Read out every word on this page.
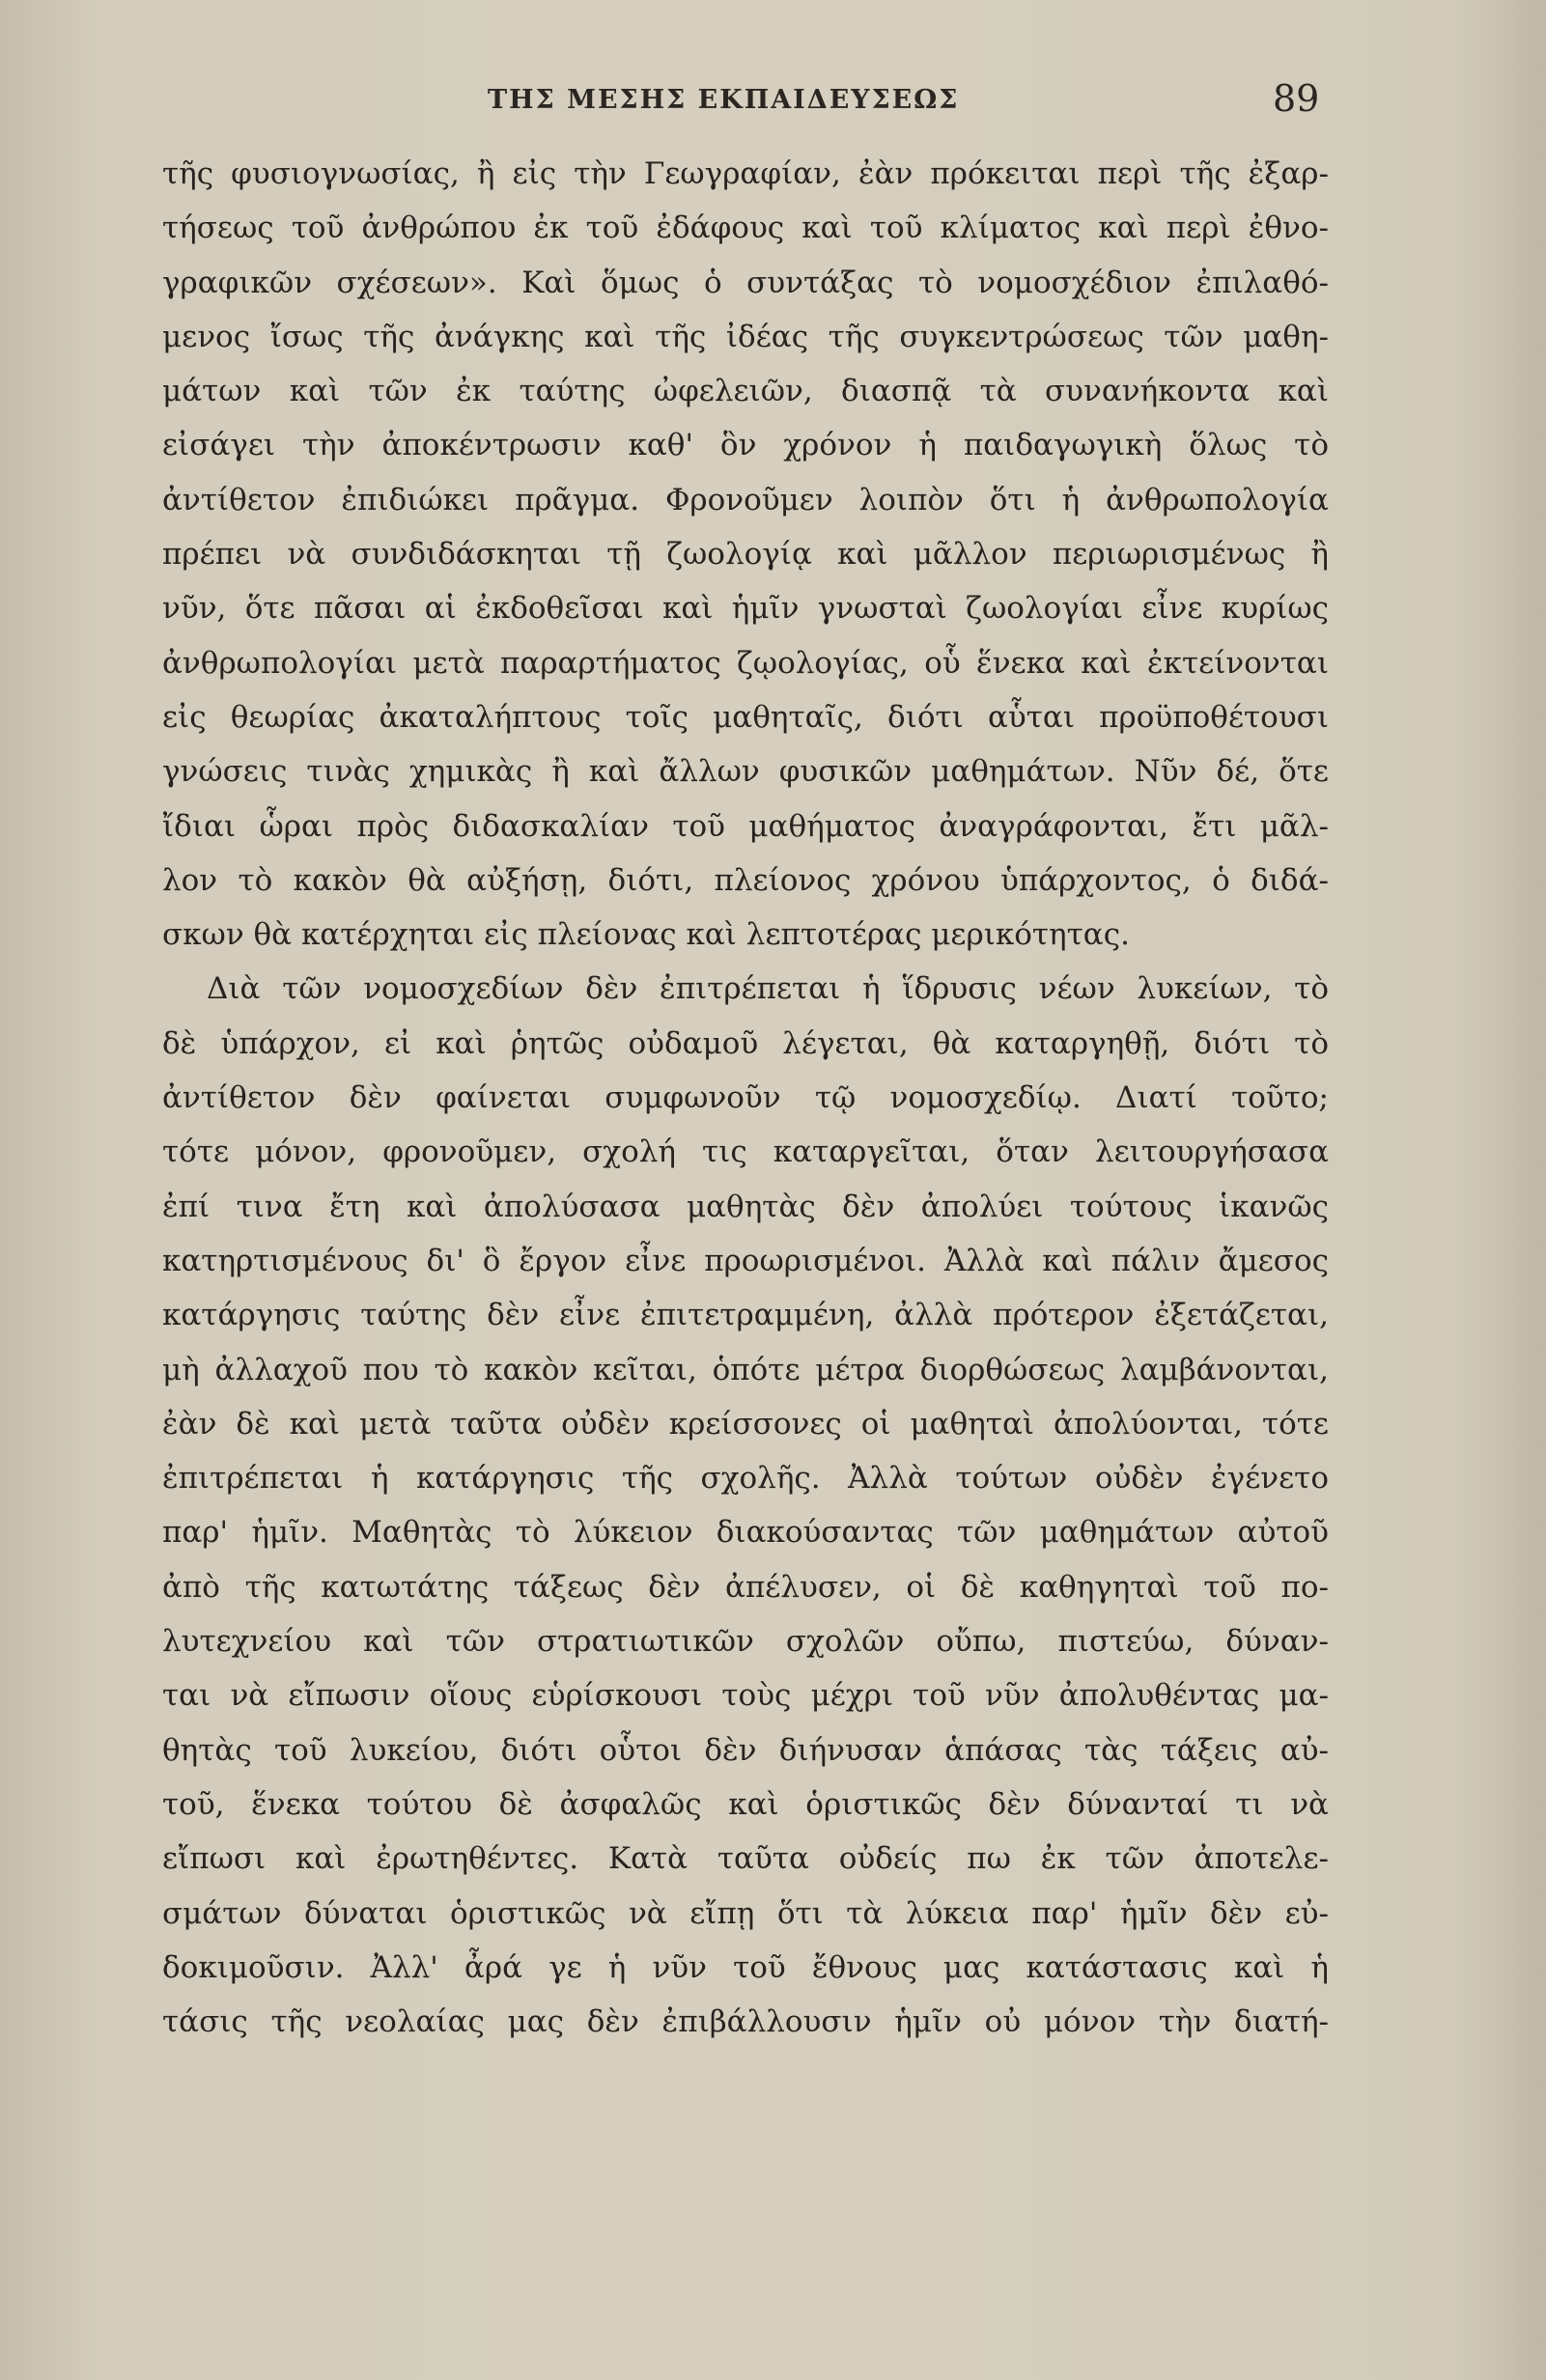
ΤΗΣ ΜΕΣΗΣ ΕΚΠΑΙΔΕΥΣΕΩΣ	89
τῆς φυσιογνωσίας, ἢ εἰς τὴν Γεωγραφίαν, ἐὰν πρόκειται περὶ τῆς ἐξαρ-
τήσεως τοῦ ἀνθρώπου ἐκ τοῦ ἐδάφους καὶ τοῦ κλίματος καὶ περὶ ἐθνο-
γραφικῶν σχέσεων». Καὶ ὅμως ὁ συντάξας τὸ νομοσχέδιον ἐπιλαθό-
μενος ἴσως τῆς ἀνάγκης καὶ τῆς ἰδέας τῆς συγκεντρώσεως τῶν μαθη-
μάτων καὶ τῶν ἐκ ταύτης ὠφελειῶν, διασπᾷ τὰ συνανήκοντα καὶ
εἰσάγει τὴν ἀποκέντρωσιν καθ' ὃν χρόνον ἡ παιδαγωγικὴ ὅλως τὸ
ἀντίθετον ἐπιδιώκει πρᾶγμα. Φρονοῦμεν λοιπὸν ὅτι ἡ ἀνθρωπολογία
πρέπει νὰ συνδιδάσκηται τῇ ζωολογίᾳ καὶ μᾶλλον περιωρισμένως ἢ
νῦν, ὅτε πᾶσαι αἱ ἐκδοθεῖσαι καὶ ἡμῖν γνωσταὶ ζωολογίαι εἶνε κυρίως
ἀνθρωπολογίαι μετὰ παραρτήματος ζῳολογίας, οὗ ἕνεκα καὶ ἐκτείνονται
εἰς θεωρίας ἀκαταλήπτους τοῖς μαθηταῖς, διότι αὗται προϋποθέτουσι
γνώσεις τινὰς χημικὰς ἢ καὶ ἄλλων φυσικῶν μαθημάτων. Νῦν δέ, ὅτε
ἴδιαι ὧραι πρὸς διδασκαλίαν τοῦ μαθήματος ἀναγράφονται, ἔτι μᾶλ-
λον τὸ κακὸν θὰ αὐξήσῃ, διότι, πλείονος χρόνου ὑπάρχοντος, ὁ διδά-
σκων θὰ κατέρχηται εἰς πλείονας καὶ λεπτοτέρας μερικότητας.
Διὰ τῶν νομοσχεδίων δὲν ἐπιτρέπεται ἡ ἵδρυσις νέων λυκείων, τὸ
δὲ ὑπάρχον, εἰ καὶ ῥητῶς οὐδαμοῦ λέγεται, θὰ καταργηθῇ, διότι τὸ
ἀντίθετον δὲν φαίνεται συμφωνοῦν τῷ νομοσχεδίῳ. Διατί τοῦτο;
τότε μόνον, φρονοῦμεν, σχολή τις καταργεῖται, ὅταν λειτουργήσασα
ἐπί τινα ἔτη καὶ ἀπολύσασα μαθητὰς δὲν ἀπολύει τούτους ἱκανῶς
κατηρτισμένους δι' ὃ ἔργον εἶνε προωρισμένοι. Ἀλλὰ καὶ πάλιν ἄμεσος
κατάργησις ταύτης δὲν εἶνε ἐπιτετραμμένη, ἀλλὰ πρότερον ἐξετάζεται,
μὴ ἀλλαχοῦ που τὸ κακὸν κεῖται, ὁπότε μέτρα διορθώσεως λαμβάνονται,
ἐὰν δὲ καὶ μετὰ ταῦτα οὐδὲν κρείσσονες οἱ μαθηταὶ ἀπολύονται, τότε
ἐπιτρέπεται ἡ κατάργησις τῆς σχολῆς. Ἀλλὰ τούτων οὐδὲν ἐγένετο
παρ' ἡμῖν. Μαθητὰς τὸ λύκειον διακούσαντας τῶν μαθημάτων αὐτοῦ
ἀπὸ τῆς κατωτάτης τάξεως δὲν ἀπέλυσεν, οἱ δὲ καθηγηταὶ τοῦ πο-
λυτεχνείου καὶ τῶν στρατιωτικῶν σχολῶν οὔπω, πιστεύω, δύναν-
ται νὰ εἴπωσιν οἵους εὑρίσκουσι τοὺς μέχρι τοῦ νῦν ἀπολυθέντας μα-
θητὰς τοῦ λυκείου, διότι οὗτοι δὲν διήνυσαν ἁπάσας τὰς τάξεις αὐ-
τοῦ, ἕνεκα τούτου δὲ ἀσφαλῶς καὶ ὁριστικῶς δὲν δύνανταί τι νὰ
εἴπωσι καὶ ἐρωτηθέντες. Κατὰ ταῦτα οὐδείς πω ἐκ τῶν ἀποτελε-
σμάτων δύναται ὁριστικῶς νὰ εἴπῃ ὅτι τὰ λύκεια παρ' ἡμῖν δὲν εὐ-
δοκιμοῦσιν. Ἀλλ' ἆρά γε ἡ νῦν τοῦ ἔθνους μας κατάστασις καὶ ἡ
τάσις τῆς νεολαίας μας δὲν ἐπιβάλλουσιν ἡμῖν οὐ μόνον τὴν διατή-
